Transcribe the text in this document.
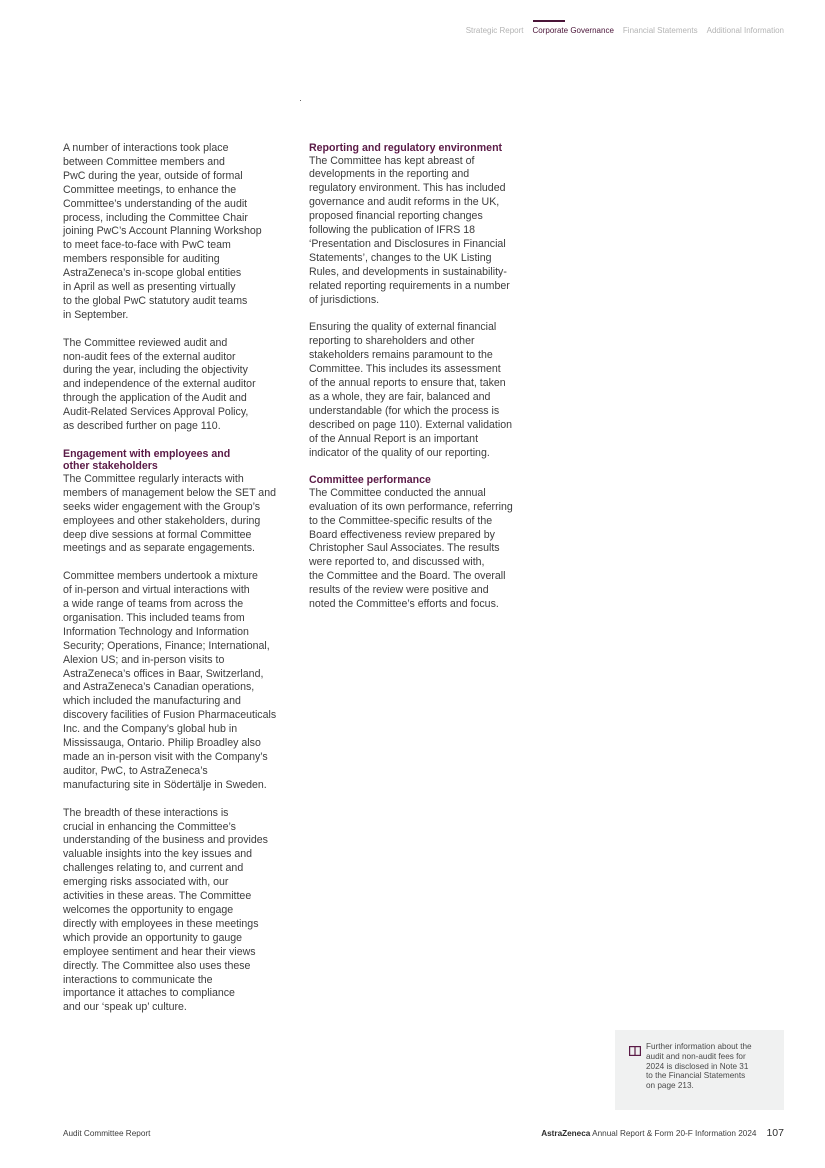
Strategic Report Corporate Governance Financial Statements Additional Information

A number of interactions took place
between Committee members and
PwC during the year, outside of formal
Committee meetings, to enhance the
Committee’s understanding of the audit
process, including the Committee Chair
joining PwC’s Account Planning Workshop
to meet face-to-face with PwC team
members responsible for auditing
AstraZeneca’s in-scope global entities
in April as well as presenting virtually
to the global PwC statutory audit teams
in September.

The Committee reviewed audit and
non-audit fees of the external auditor
during the year, including the objectivity
and independence of the external auditor
through the application of the Audit and
Audit-Related Services Approval Policy,
as described further on page 110.

Engagement with employees and
other stakeholders

The Committee regularly interacts with
members of management below the SET and
seeks wider engagement with the Group’s
employees and other stakeholders, during
deep dive sessions at formal Committee
meetings and as separate engagements.

Committee members undertook a mixture
of in-person and virtual interactions with
a wide range of teams from across the
organisation. This included teams from
Information Technology and Information
Security; Operations, Finance; International,
Alexion US; and in-person visits to
AstraZeneca’s offices in Baar, Switzerland,
and AstraZeneca’s Canadian operations,
which included the manufacturing and
discovery facilities of Fusion Pharmaceuticals
Inc. and the Company’s global hub in
Mississauga, Ontario. Philip Broadley also
made an in-person visit with the Company’s
auditor, PwC, to AstraZeneca’s
manufacturing site in Södertälje in Sweden.

The breadth of these interactions is
crucial in enhancing the Committee’s
understanding of the business and provides
valuable insights into the key issues and
challenges relating to, and current and
emerging risks associated with, our
activities in these areas. The Committee
welcomes the opportunity to engage
directly with employees in these meetings
which provide an opportunity to gauge
employee sentiment and hear their views
directly. The Committee also uses these
interactions to communicate the
importance it attaches to compliance
and our ‘speak up’ culture.

Reporting and regulatory environment

The Committee has kept abreast of
developments in the reporting and
regulatory environment. This has included
governance and audit reforms in the UK,
proposed financial reporting changes
following the publication of IFRS 18
‘Presentation and Disclosures in Financial
Statements’, changes to the UK Listing
Rules, and developments in sustainability-
related reporting requirements in a number
of jurisdictions.

Ensuring the quality of external financial
reporting to shareholders and other
stakeholders remains paramount to the
Committee. This includes its assessment
of the annual reports to ensure that, taken
as a whole, they are fair, balanced and
understandable (for which the process is
described on page 110). External validation
of the Annual Report is an important
indicator of the quality of our reporting.

Committee performance

The Committee conducted the annual
evaluation of its own performance, referring
to the Committee-specific results of the
Board effectiveness review prepared by
Christopher Saul Associates. The results
were reported to, and discussed with,
the Committee and the Board. The overall
results of the review were positive and
noted the Committee’s efforts and focus.

Further information about the
audit and non-audit fees for
2024 is disclosed in Note 31
to the Financial Statements
on page 213.
Audit Committee Report	AstraZeneca Annual Report & Form 20-F Information 2024 107
